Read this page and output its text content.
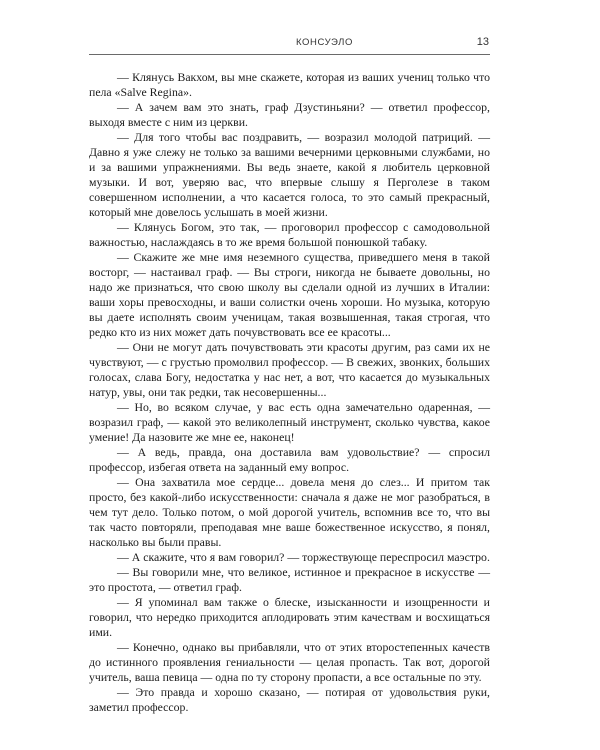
КОНСУЭЛО	13

— Клянусь Вакхом, вы мне скажете, которая из ваших учениц только что пела «Salve Regina».

— А зачем вам это знать, граф Дзустиньяни? — ответил профессор, выходя вместе с ним из церкви.

— Для того чтобы вас поздравить, — возразил молодой патриций. — Давно я уже слежу не только за вашими вечерними церковными службами, но и за вашими упражнениями. Вы ведь знаете, какой я любитель церковной музыки. И вот, уверяю вас, что впервые слышу я Перголезе в таком совершенном исполнении, а что касается голоса, то это самый прекрасный, который мне довелось услышать в моей жизни.

— Клянусь Богом, это так, — проговорил профессор с самодовольной важностью, наслаждаясь в то же время большой понюшкой табаку.

— Скажите же мне имя неземного существа, приведшего меня в такой восторг, — настаивал граф. — Вы строги, никогда не бываете довольны, но надо же признаться, что свою школу вы сделали одной из лучших в Италии: ваши хоры превосходны, и ваши солистки очень хороши. Но музыка, которую вы даете исполнять своим ученицам, такая возвышенная, такая строгая, что редко кто из них может дать почувствовать все ее красоты...

— Они не могут дать почувствовать эти красоты другим, раз сами их не чувствуют, — с грустью промолвил профессор. — В свежих, звонких, больших голосах, слава Богу, недостатка у нас нет, а вот, что касается до музыкальных натур, увы, они так редки, так несовершенны...

— Но, во всяком случае, у вас есть одна замечательно одаренная, — возразил граф, — какой это великолепный инструмент, сколько чувства, какое умение! Да назовите же мне ее, наконец!

— А ведь, правда, она доставила вам удовольствие? — спросил профессор, избегая ответа на заданный ему вопрос.

— Она захватила мое сердце... довела меня до слез... И притом так просто, без какой-либо искусственности: сначала я даже не мог разобраться, в чем тут дело. Только потом, о мой дорогой учитель, вспомнив все то, что вы так часто повторяли, преподавая мне ваше божественное искусство, я понял, насколько вы были правы.

— А скажите, что я вам говорил? — торжествующе переспросил маэстро.

— Вы говорили мне, что великое, истинное и прекрасное в искусстве — это простота, — ответил граф.

— Я упоминал вам также о блеске, изысканности и изощренности и говорил, что нередко приходится аплодировать этим качествам и восхищаться ими.

— Конечно, однако вы прибавляли, что от этих второстепенных качеств до истинного проявления гениальности — целая пропасть. Так вот, дорогой учитель, ваша певица — одна по ту сторону пропасти, а все остальные по эту.

— Это правда и хорошо сказано, — потирая от удовольствия руки, заметил профессор.
